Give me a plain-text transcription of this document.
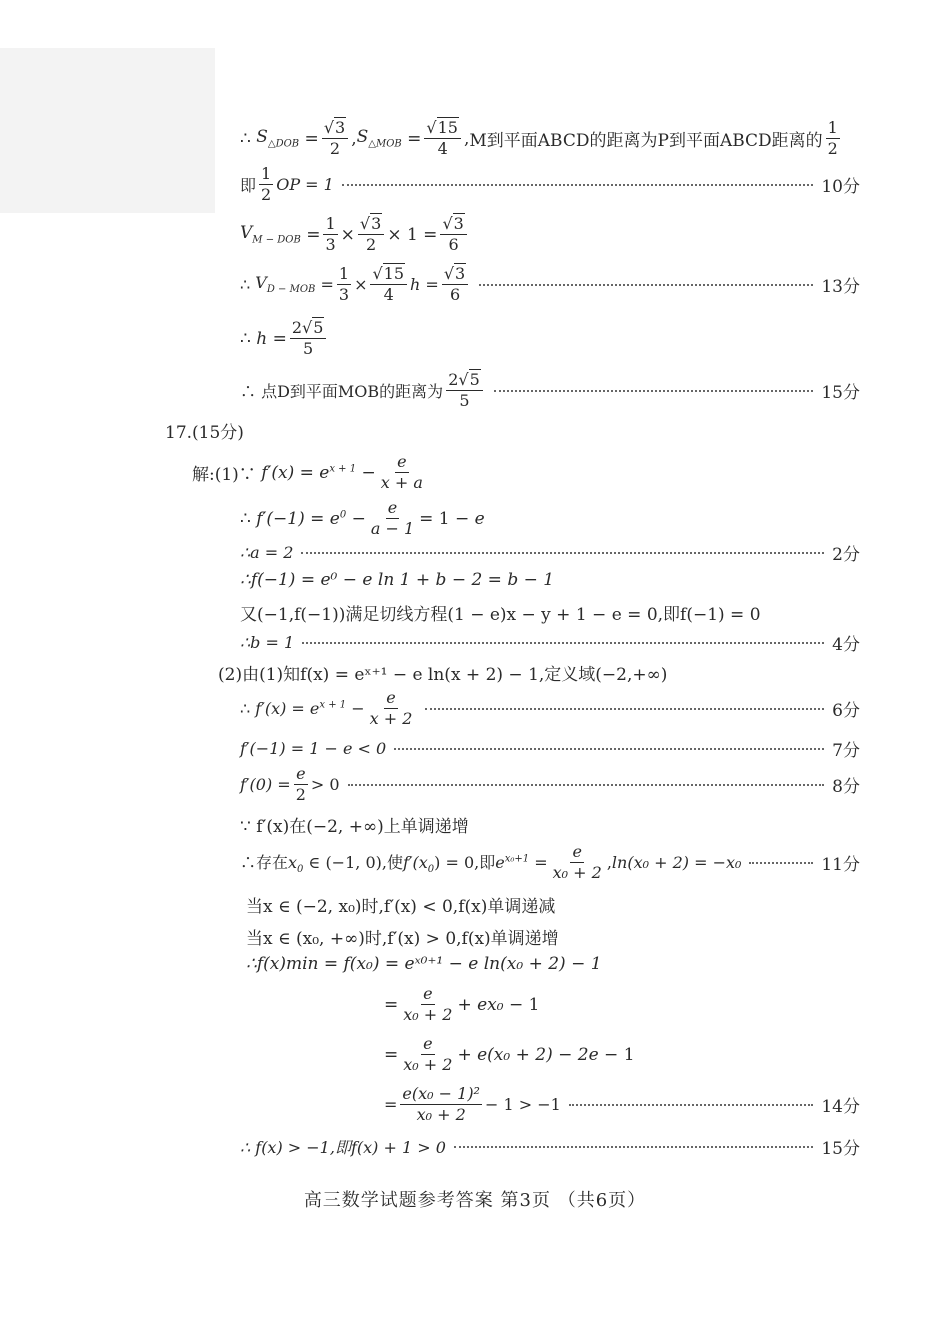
∴ $S_{\triangle DOB} = \frac{√3}{2}$ , $S_{\triangle MOB} = \frac{√15}{4}$ , M到平面ABCD的距离为P到平面ABCD距离的 $\frac{1}{2}$
即 $\frac{1}{2}$ OP = 1	10分
$V_{M - DOB} = \frac{1}{3} \times \frac{√3}{2} \times 1 = \frac{√3}{6}$
∴ $V_{D - MOB} = \frac{1}{3} \times \frac{√15}{4}$ $h = \frac{√3}{6}$	13分
∴ $h = \frac{2√5}{5}$
∴ 点D到平面MOB的距离为 $\frac{2√5}{5}$	15分
17.(15分)
解:(1)∵ $f'(x) = e^{x + 1} - \frac{e}{x + a}$
∴ $f'(-1) = e^0 - \frac{e}{a - 1} = 1 - e$
∴a = 2	2分
∴f(−1) = e⁰ − e ln 1 + b − 2 = b − 1
又(−1,f(−1))满足切线方程(1 − e)x − y + 1 − e = 0,即f(−1) = 0
∴b = 1	4分
(2)由(1)知f(x) = eˣ⁺¹ − e ln(x + 2) − 1,定义域(−2,+∞)
∴ $f'(x) = e^{x + 1} - \frac{e}{x + 2}$	6分
f′(−1) = 1 − e < 0	7分
$f'(0) = \frac{e}{2} > 0$	8分
∵ f′(x)在(−2, +∞)上单调递增
∴存在$x_0$ ∈ (−1, 0),使$f'(x_0) = 0$,即$e^{x_0+1} = \frac{e}{\text{x₀ + 2}}$ , ln(x₀ + 2) = −x₀	11分
当x ∈ (−2, x₀)时,f′(x) < 0,f(x)单调递减
当x ∈ (x₀, +∞)时,f′(x) > 0,f(x)单调递增
∴f(x)min = f(x₀) = eˣ⁰⁺¹ − e ln(x₀ + 2) − 1
= $\frac{e}{\text{x₀ + 2}} + ex_0 - 1$
= $\frac{e}{\text{x₀ + 2}} + e(x_0 + 2) - 2e - 1$
= $\frac{\text{e(x₀ − 1)²}}{\text{x₀ + 2}} - 1 > -1$	14分
∴ f(x) > −1,即f(x) + 1 > 0	15分
高三数学试题参考答案 第3页 （共6页）
